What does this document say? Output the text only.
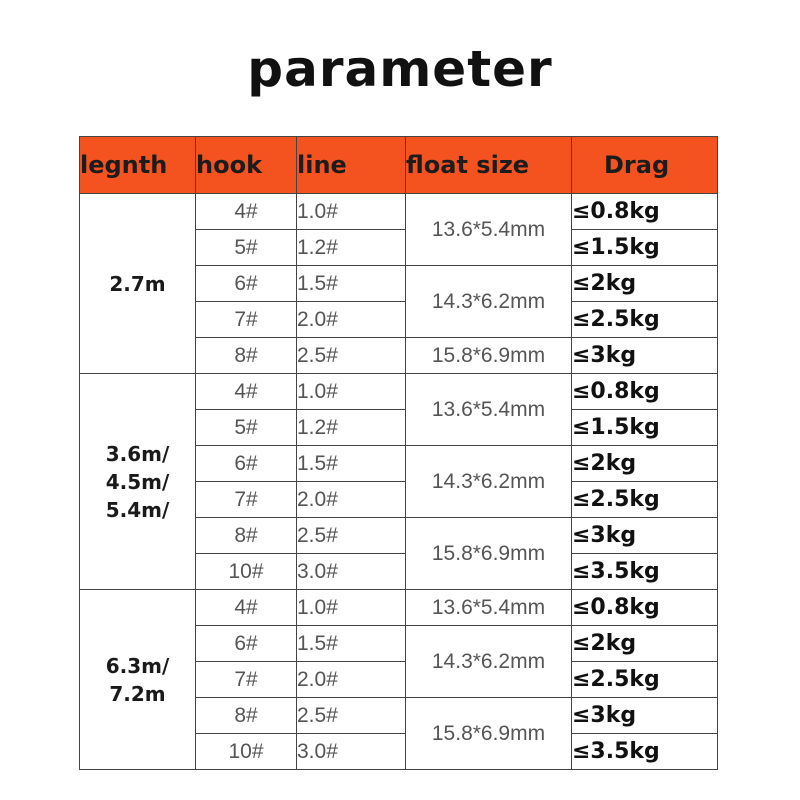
parameter
legnth	hook	line	float size	Drag
2.7m	4#	1.0#	13.6*5.4mm	≤0.8kg
	5#	1.2#		≤1.5kg
	6#	1.5#	14.3*6.2mm	≤2kg
	7#	2.0#		≤2.5kg
	8#	2.5#	15.8*6.9mm	≤3kg

3.6m/
4.5m/
5.4m/	4#	1.0#	13.6*5.4mm	≤0.8kg
	5#	1.2#		≤1.5kg
	6#	1.5#	14.3*6.2mm	≤2kg
	7#	2.0#		≤2.5kg
	8#	2.5#	15.8*6.9mm	≤3kg
	10#	3.0#		≤3.5kg

6.3m/
7.2m	4#	1.0#	13.6*5.4mm	≤0.8kg
	6#	1.5#	14.3*6.2mm	≤2kg
	7#	2.0#		≤2.5kg
	8#	2.5#	15.8*6.9mm	≤3kg
	10#	3.0#		≤3.5kg
